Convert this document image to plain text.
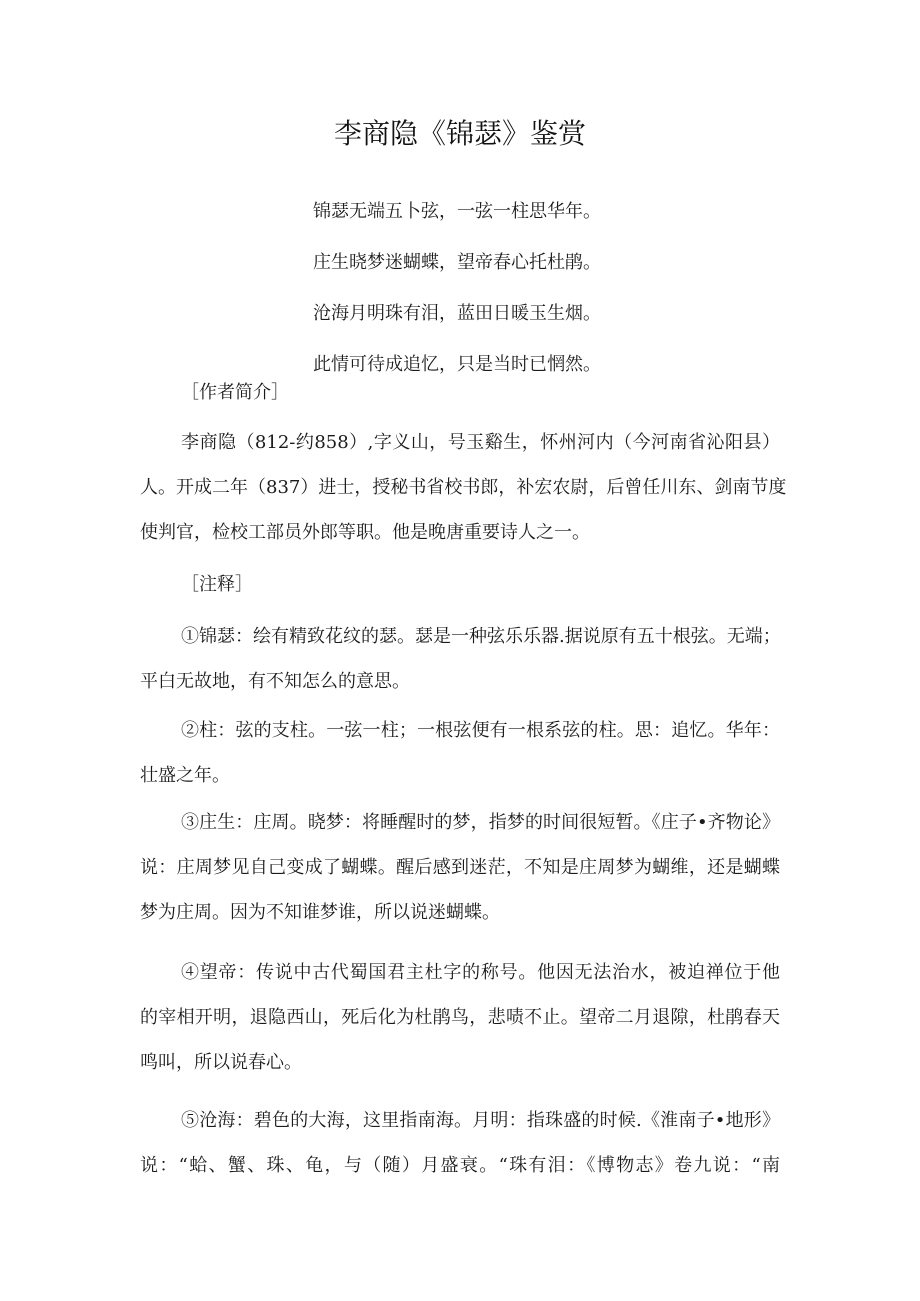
李商隐《锦瑟》鉴赏
锦瑟无端五卜弦，一弦一柱思华年。
庄生晓梦迷蝴蝶，望帝春心托杜鹃。
沧海月明珠有泪，蓝田日暖玉生烟。
此情可待成追忆，只是当时已惘然。
［作者简介］
李商隐（812-约858）,字义山，号玉谿生，怀州河内（今河南省沁阳县）
人。开成二年（837）进士，授秘书省校书郎，补宏农尉，后曾任川东、剑南节度
使判官，检校工部员外郎等职。他是晚唐重要诗人之一。
［注释］
①锦瑟：绘有精致花纹的瑟。瑟是一种弦乐乐器.据说原有五十根弦。无端；
平白无故地，有不知怎么的意思。
②柱：弦的支柱。一弦一柱；一根弦便有一根系弦的柱。思：追忆。华年：
壮盛之年。
③庄生：庄周。晓梦：将睡醒时的梦，指梦的时间很短暂。《庄子•齐物论》
说：庄周梦见自己变成了蝴蝶。醒后感到迷茫，不知是庄周梦为蝴维，还是蝴蝶
梦为庄周。因为不知谁梦谁，所以说迷蝴蝶。
④望帝：传说中古代蜀国君主杜字的称号。他因无法治水，被迫禅位于他
的宰相开明，退隐西山，死后化为杜鹃鸟，悲啧不止。望帝二月退隙，杜鹃春天
鸣叫，所以说春心。
⑤沧海：碧色的大海，这里指南海。月明：指珠盛的时候.《淮南子•地形》
说：“蛤、蟹、珠、龟，与（随）月盛衰。“珠有泪：《博物志》卷九说：“南
